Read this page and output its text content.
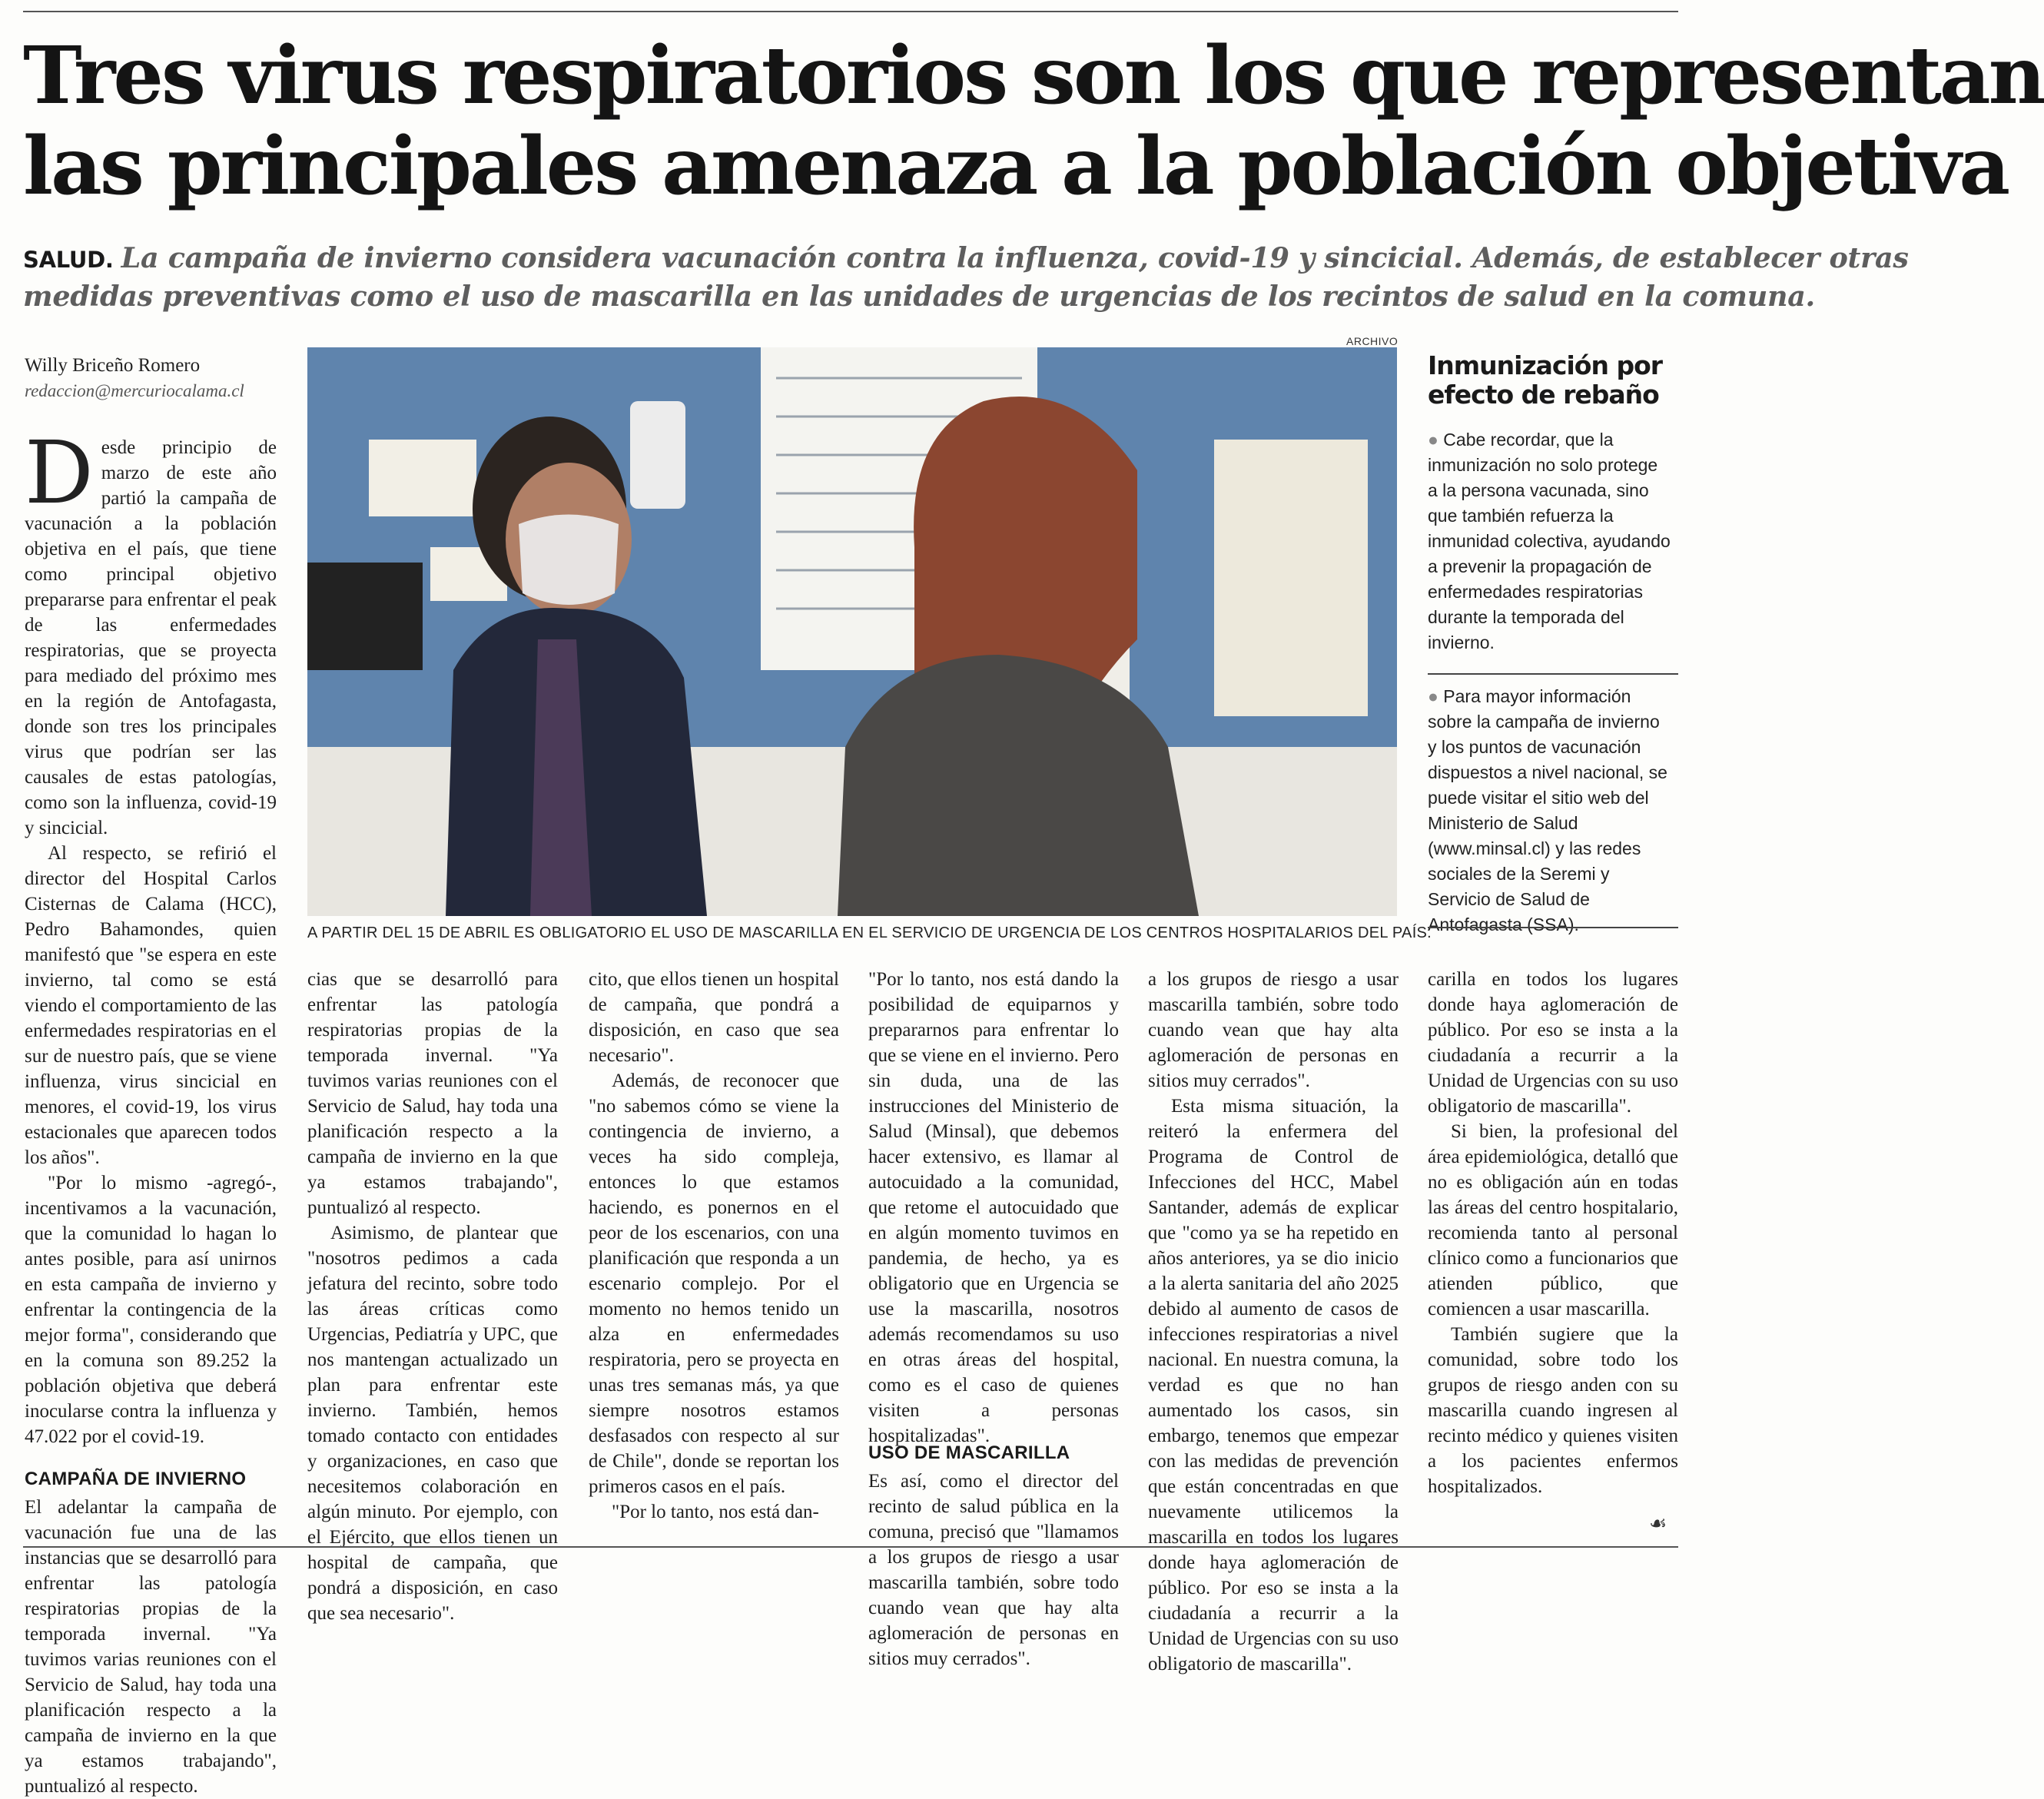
Tres virus respiratorios son los que representan
las principales amenaza a la población objetiva
SALUD. La campaña de invierno considera vacunación contra la influenza, covid-19 y sincicial. Además, de establecer otras
medidas preventivas como el uso de mascarilla en las unidades de urgencias de los recintos de salud en la comuna.
Willy Briceño Romero
redaccion@mercuriocalama.cl

Desde principio de marzo de este año partió la campaña de vacunación a la población objetiva en el país, que tiene como principal objetivo prepararse para enfrentar el peak de las enfermedades respiratorias, que se proyecta para mediado del próximo mes en la región de Antofagasta, donde son tres los principales virus que podrían ser las causales de estas patologías, como son la influenza, covid-19 y sincicial.

Al respecto, se refirió el director del Hospital Carlos Cisternas de Calama (HCC), Pedro Bahamondes, quien manifestó que "se espera en este invierno, tal como se está viendo el comportamiento de las enfermedades respiratorias en el sur de nuestro país, que se viene influenza, virus sincicial en menores, el covid-19, los virus estacionales que aparecen todos los años".

"Por lo mismo -agregó-, incentivamos a la vacunación, que la comunidad lo hagan lo antes posible, para así unirnos en esta campaña de invierno y enfrentar la contingencia de la mejor forma", considerando que en la comuna son 89.252 la población objetiva que deberá inocularse contra la influenza y 47.022 por el covid-19.

CAMPAÑA DE INVIERNO

El adelantar la campaña de vacunación fue una de las instancias que se desarrolló para enfrentar las patología respiratorias propias de la temporada invernal. "Ya tuvimos varias reuniones con el Servicio de Salud, hay toda una planificación respecto a la campaña de invierno en la que ya estamos trabajando", puntualizó al respecto.

ARCHIVO
A PARTIR DEL 15 DE ABRIL ES OBLIGATORIO EL USO DE MASCARILLA EN EL SERVICIO DE URGENCIA DE LOS CENTROS HOSPITALARIOS DEL PAÍS.
Inmunización por efecto de rebaño
● Cabe recordar, que la inmunización no solo protege a la persona vacunada, sino que también refuerza la inmunidad colectiva, ayudando a prevenir la propagación de enfermedades respiratorias durante la temporada del invierno.
● Para mayor información sobre la campaña de invierno y los puntos de vacunación dispuestos a nivel nacional, se puede visitar el sitio web del Ministerio de Salud (www.minsal.cl) y las redes sociales de la Seremi y Servicio de Salud de Antofagasta (SSA).

cias que se desarrolló para enfrentar las patología respiratorias propias de la temporada invernal. "Ya tuvimos varias reuniones con el Servicio de Salud, hay toda una planificación respecto a la campaña de invierno en la que ya estamos trabajando", puntualizó al respecto.

Asimismo, de plantear que "nosotros pedimos a cada jefatura del recinto, sobre todo las áreas críticas como Urgencias, Pediatría y UPC, que nos mantengan actualizado un plan para enfrentar este invierno. También, hemos tomado contacto con entidades y organizaciones, en caso que necesitemos colaboración en algún minuto. Por ejemplo, con el Ejército, que ellos tienen un hospital de campaña, que pondrá a disposición, en caso que sea necesario".

cito, que ellos tienen un hospital de campaña, que pondrá a disposición, en caso que sea necesario".

Además, de reconocer que "no sabemos cómo se viene la contingencia de invierno, a veces ha sido compleja, entonces lo que estamos haciendo, es ponernos en el peor de los escenarios, con una planificación que responda a un escenario complejo. Por el momento no hemos tenido un alza en enfermedades respiratoria, pero se proyecta en unas tres semanas más, ya que siempre nosotros estamos desfasados con respecto al sur de Chile", donde se reportan los primeros casos en el país.

"Por lo tanto, nos está dan-

"Por lo tanto, nos está dando la posibilidad de equiparnos y prepararnos para enfrentar lo que se viene en el invierno. Pero sin duda, una de las instrucciones del Ministerio de Salud (Minsal), que debemos hacer extensivo, es llamar al autocuidado a la comunidad, que retome el autocuidado que en algún momento tuvimos en pandemia, de hecho, ya es obligatorio que en Urgencia se use la mascarilla, nosotros además recomendamos su uso en otras áreas del hospital, como es el caso de quienes visiten a personas hospitalizadas".

USO DE MASCARILLA

Es así, como el director del recinto de salud pública en la comuna, precisó que "llamamos a los grupos de riesgo a usar mascarilla también, sobre todo cuando vean que hay alta aglomeración de personas en sitios muy cerrados".

a los grupos de riesgo a usar mascarilla también, sobre todo cuando vean que hay alta aglomeración de personas en sitios muy cerrados".

Esta misma situación, la reiteró la enfermera del Programa de Control de Infecciones del HCC, Mabel Santander, además de explicar que "como ya se ha repetido en años anteriores, ya se dio inicio a la alerta sanitaria del año 2025 debido al aumento de casos de infecciones respiratorias a nivel nacional. En nuestra comuna, la verdad es que no han aumentado los casos, sin embargo, tenemos que empezar con las medidas de prevención que están concentradas en que nuevamente utilicemos la mascarilla en todos los lugares donde haya aglomeración de público. Por eso se insta a la ciudadanía a recurrir a la Unidad de Urgencias con su uso obligatorio de mascarilla".

carilla en todos los lugares donde haya aglomeración de público. Por eso se insta a la ciudadanía a recurrir a la Unidad de Urgencias con su uso obligatorio de mascarilla".

Si bien, la profesional del área epidemiológica, detalló que no es obligación aún en todas las áreas del centro hospitalario, recomienda tanto al personal clínico como a funcionarios que atienden público, que comiencen a usar mascarilla.

También sugiere que la comunidad, sobre todo los grupos de riesgo anden con su mascarilla cuando ingresen al recinto médico y quienes visiten a los pacientes enfermos hospitalizados.

☙
